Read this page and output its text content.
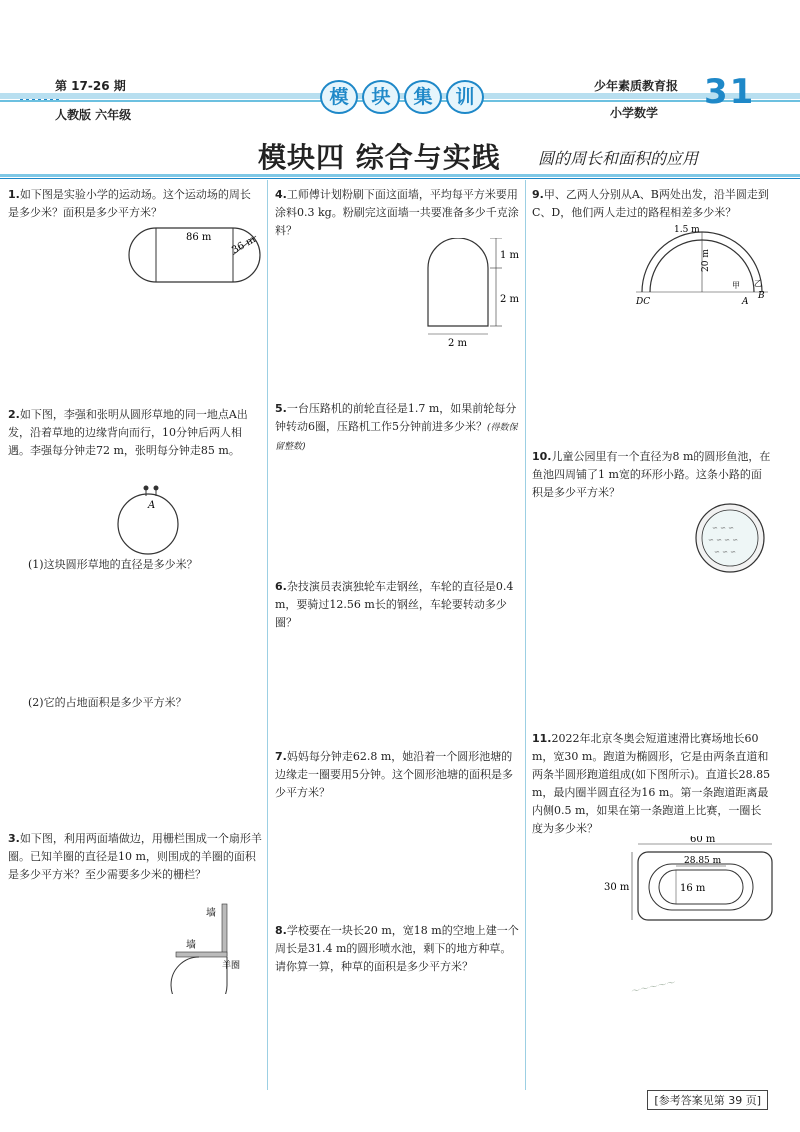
第 17-26 期
人教版 六年级
模	块	集	训	少年素质教育报
小学数学
31
模块四 综合与实践 圆的周长和面积的应用
1.如下图是实验小学的运动场。这个运动场的周长是多少米？面积是多少平方米？
86 m 36 m
2.如下图，李强和张明从圆形草地的同一地点A出发，沿着草地的边缘背向而行，10分钟后两人相遇。李强每分钟走72 m，张明每分钟走85 m。
A
(1)这块圆形草地的直径是多少米？
(2)它的占地面积是多少平方米？
3.如下图，利用两面墙做边，用栅栏围成一个扇形羊圈。已知羊圈的直径是10 m，则围成的羊圈的面积是多少平方米？至少需要多少米的栅栏？
墙
墙
羊圈
4.工师傅计划粉刷下面这面墙，平均每平方米要用涂料0.3 kg。粉刷完这面墙一共要准备多少千克涂料？
1 m
2 m
2 m
5.一台压路机的前轮直径是1.7 m，如果前轮每分钟转动6圈，压路机工作5分钟前进多少米？(得数保留整数)
6.杂技演员表演独轮车走钢丝，车轮的直径是0.4 m，要骑过12.56 m长的钢丝，车轮要转动多少圈？
7.妈妈每分钟走62.8 m，她沿着一个圆形池塘的边缘走一圈要用5分钟。这个圆形池塘的面积是多少平方米？
8.学校要在一块长20 m，宽18 m的空地上建一个周长是31.4 m的圆形喷水池，剩下的地方种草。请你算一算，种草的面积是多少平方米？
9.甲、乙两人分别从A、B两处出发，沿半圆走到C、D，他们两人走过的路程相差多少米？
1.5 m
20 m
甲 乙
DC	A
B
10.儿童公园里有一个直径为8 m的圆形鱼池，在鱼池四周铺了1 m宽的环形小路。这条小路的面积是多少平方米？
∽ ∽ ∽
∽ ∽ ∽ ∽
∽ ∽ ∽
11.2022年北京冬奥会短道速滑比赛场地长60 m，宽30 m。跑道为椭圆形，它是由两条直道和两条半圆形跑道组成(如下图所示)。直道长28.85 m，最内圈半圆直径为16 m。第一条跑道距离最内侧0.5 m，如果在第一条跑道上比赛，一圈长度为多少米？
60 m
28.85 m
30 m	16 m
～～～～～
[参考答案见第 39 页]
